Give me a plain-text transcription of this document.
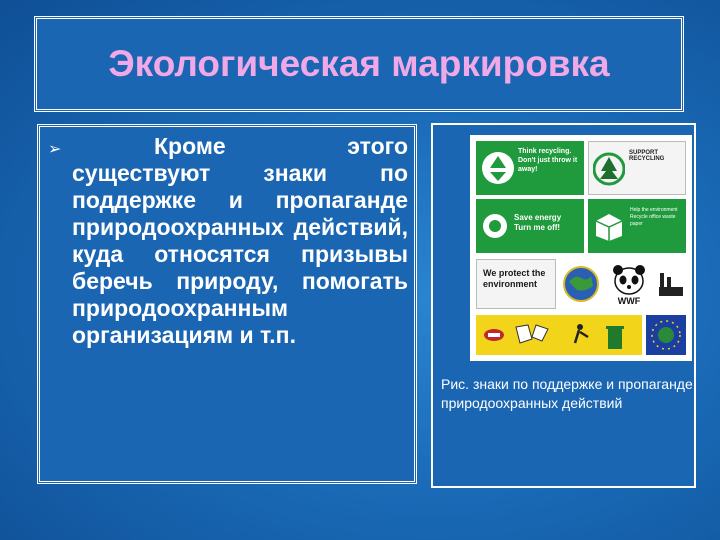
Экологическая маркировка
➢	Кроме	этого существуют знаки по поддержке и пропаганде природоохранных действий, куда относятся призывы беречь природу, помогать природоохранным организациям и т.п.
Think recycling. Don't just throw it away!
SUPPORT RECYCLING
Save energy Turn me off!
Help the environment Recycle office waste paper
We protect the environment
WWF
Рис. знаки по поддержке и пропаганде природоохранных действий
